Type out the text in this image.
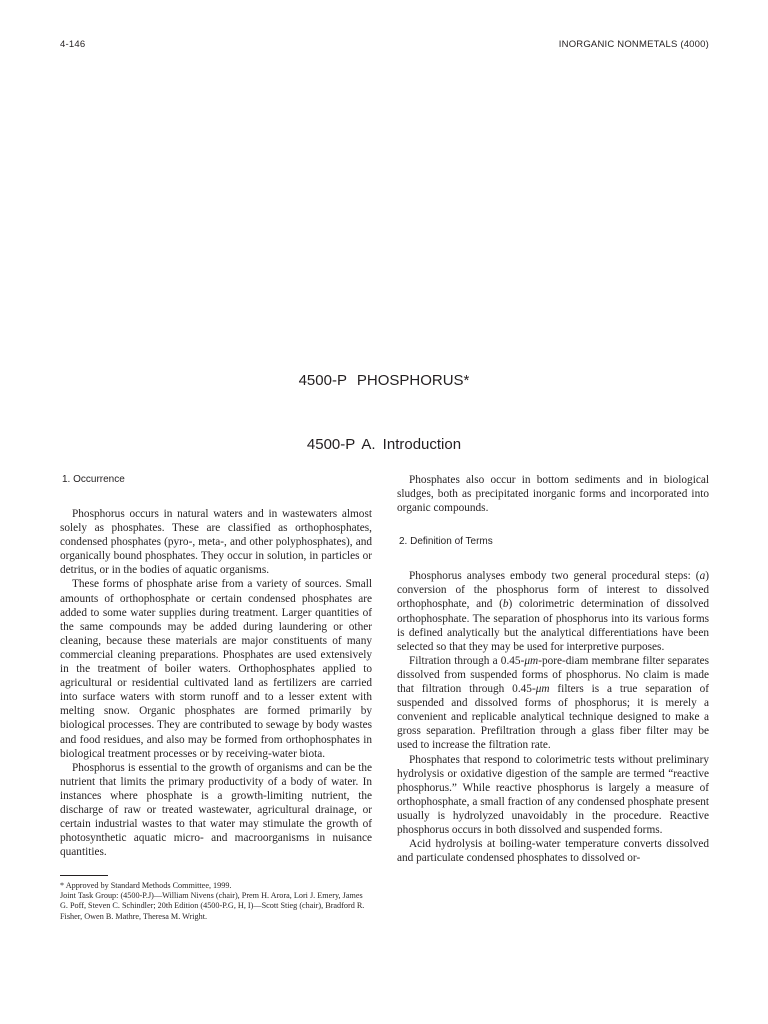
4-146	INORGANIC NONMETALS (4000)
4500-P PHOSPHORUS*
4500-P A. Introduction
1. Occurrence

Phosphorus occurs in natural waters and in wastewaters almost solely as phosphates. These are classified as orthophosphates, condensed phosphates (pyro-, meta-, and other polyphosphates), and organically bound phosphates. They occur in solution, in particles or detritus, or in the bodies of aquatic organisms.

These forms of phosphate arise from a variety of sources. Small amounts of orthophosphate or certain condensed phosphates are added to some water supplies during treatment. Larger quantities of the same compounds may be added during laundering or other cleaning, because these materials are major constituents of many commercial cleaning preparations. Phosphates are used extensively in the treatment of boiler waters. Orthophosphates applied to agricultural or residential cultivated land as fertilizers are carried into surface waters with storm runoff and to a lesser extent with melting snow. Organic phosphates are formed primarily by biological processes. They are contributed to sewage by body wastes and food residues, and also may be formed from orthophosphates in biological treatment processes or by receiving-water biota.

Phosphorus is essential to the growth of organisms and can be the nutrient that limits the primary productivity of a body of water. In instances where phosphate is a growth-limiting nutrient, the discharge of raw or treated wastewater, agricultural drainage, or certain industrial wastes to that water may stimulate the growth of photosynthetic aquatic micro- and macroorganisms in nuisance quantities.

Phosphates also occur in bottom sediments and in biological sludges, both as precipitated inorganic forms and incorporated into organic compounds.

2. Definition of Terms

Phosphorus analyses embody two general procedural steps: (a) conversion of the phosphorus form of interest to dissolved orthophosphate, and (b) colorimetric determination of dissolved orthophosphate. The separation of phosphorus into its various forms is defined analytically but the analytical differentiations have been selected so that they may be used for interpretive purposes.

Filtration through a 0.45-μm-pore-diam membrane filter separates dissolved from suspended forms of phosphorus. No claim is made that filtration through 0.45-μm filters is a true separation of suspended and dissolved forms of phosphorus; it is merely a convenient and replicable analytical technique designed to make a gross separation. Prefiltration through a glass fiber filter may be used to increase the filtration rate.

Phosphates that respond to colorimetric tests without preliminary hydrolysis or oxidative digestion of the sample are termed “reactive phosphorus.” While reactive phosphorus is largely a measure of orthophosphate, a small fraction of any condensed phosphate present usually is hydrolyzed unavoidably in the procedure. Reactive phosphorus occurs in both dissolved and suspended forms.

Acid hydrolysis at boiling-water temperature converts dissolved and particulate condensed phosphates to dissolved or-

* Approved by Standard Methods Committee, 1999.

Joint Task Group: (4500-P.J)—William Nivens (chair), Prem H. Arora, Lori J. Emery, James G. Poff, Steven C. Schindler; 20th Edition (4500-P.G, H, I)—Scott Stieg (chair), Bradford R. Fisher, Owen B. Mathre, Theresa M. Wright.
